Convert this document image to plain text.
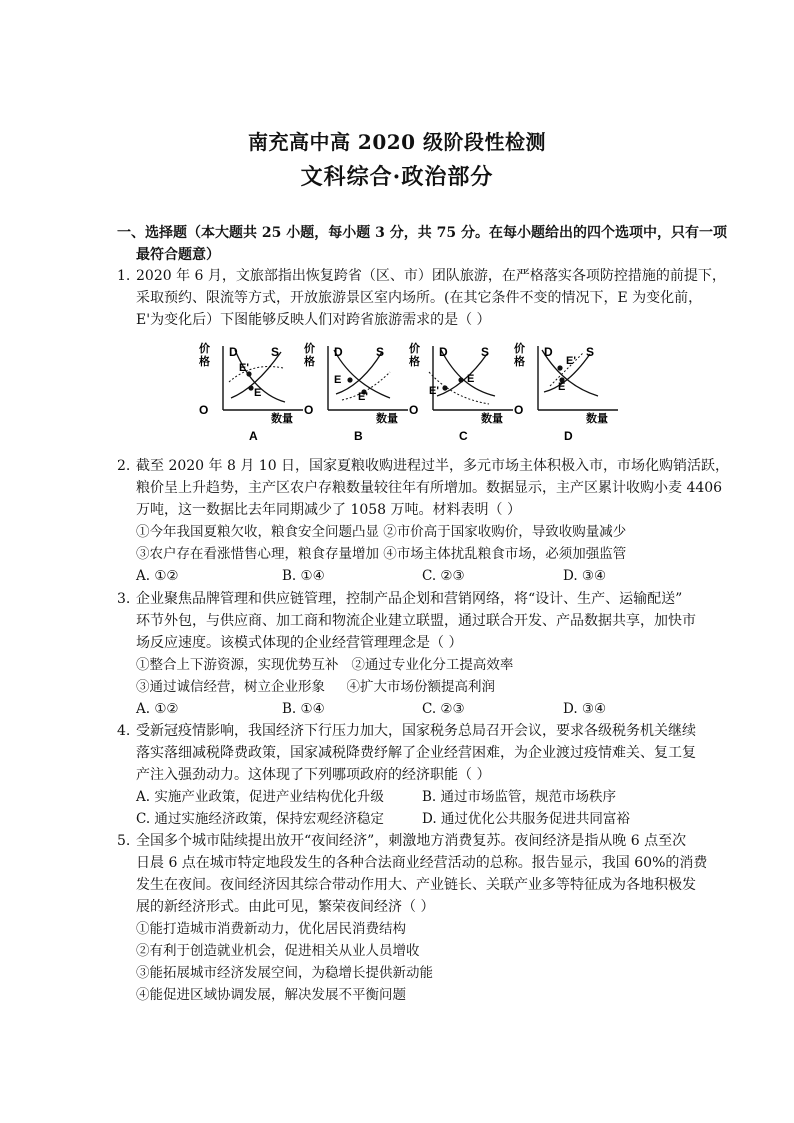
南充高中高 2020 级阶段性检测
文科综合·政治部分
一、选择题（本大题共 25 小题，每小题 3 分，共 75 分。在每小题给出的四个选项中，只有一项
最符合题意）
1. 2020 年 6 月，文旅部指出恢复跨省（区、市）团队旅游，在严格落实各项防控措施的前提下，
采取预约、限流等方式，开放旅游景区室内场所。(在其它条件不变的情况下，E 为变化前，
E'为变化后）下图能够反映人们对跨省旅游需求的是（ ）
价
格
O
数量
D	S
E
E'
A
价
格
O
数量
D	S
E
E'
B
价
格
O
数量
D	S
E
E'
C
价
格
O
数量
D	S
E
E'
D
2. 截至 2020 年 8 月 10 日，国家夏粮收购进程过半，多元市场主体积极入市，市场化购销活跃，
粮价呈上升趋势，主产区农户存粮数量较往年有所增加。数据显示，主产区累计收购小麦 4406
万吨，这一数据比去年同期减少了 1058 万吨。材料表明（ ）
①今年我国夏粮欠收，粮食安全问题凸显 ②市价高于国家收购价，导致收购量减少
③农户存在看涨惜售心理，粮食存量增加 ④市场主体扰乱粮食市场，必须加强监管
A. ①②	B. ①④	C. ②③	D. ③④
3. 企业聚焦品牌管理和供应链管理，控制产品企划和营销网络，将“设计、生产、运输配送”
环节外包，与供应商、加工商和物流企业建立联盟，通过联合开发、产品数据共享，加快市
场反应速度。该模式体现的企业经营管理理念是（ ）
①整合上下游资源，实现优势互补   ②通过专业化分工提高效率
③通过诚信经营，树立企业形象     ④扩大市场份额提高利润
A. ①②	B. ①④	C. ②③	D. ③④
4. 受新冠疫情影响，我国经济下行压力加大，国家税务总局召开会议，要求各级税务机关继续
落实落细减税降费政策，国家减税降费纾解了企业经营困难，为企业渡过疫情难关、复工复
产注入强劲动力。这体现了下列哪项政府的经济职能（ ）
A. 实施产业政策，促进产业结构优化升级	B. 通过市场监管，规范市场秩序
C. 通过实施经济政策，保持宏观经济稳定	D. 通过优化公共服务促进共同富裕
5. 全国多个城市陆续提出放开“夜间经济”，刺激地方消费复苏。夜间经济是指从晚 6 点至次
日晨 6 点在城市特定地段发生的各种合法商业经营活动的总称。报告显示，我国 60%的消费
发生在夜间。夜间经济因其综合带动作用大、产业链长、关联产业多等特征成为各地积极发
展的新经济形式。由此可见，繁荣夜间经济（ ）
①能打造城市消费新动力，优化居民消费结构
②有利于创造就业机会，促进相关从业人员增收
③能拓展城市经济发展空间，为稳增长提供新动能
④能促进区域协调发展，解决发展不平衡问题
